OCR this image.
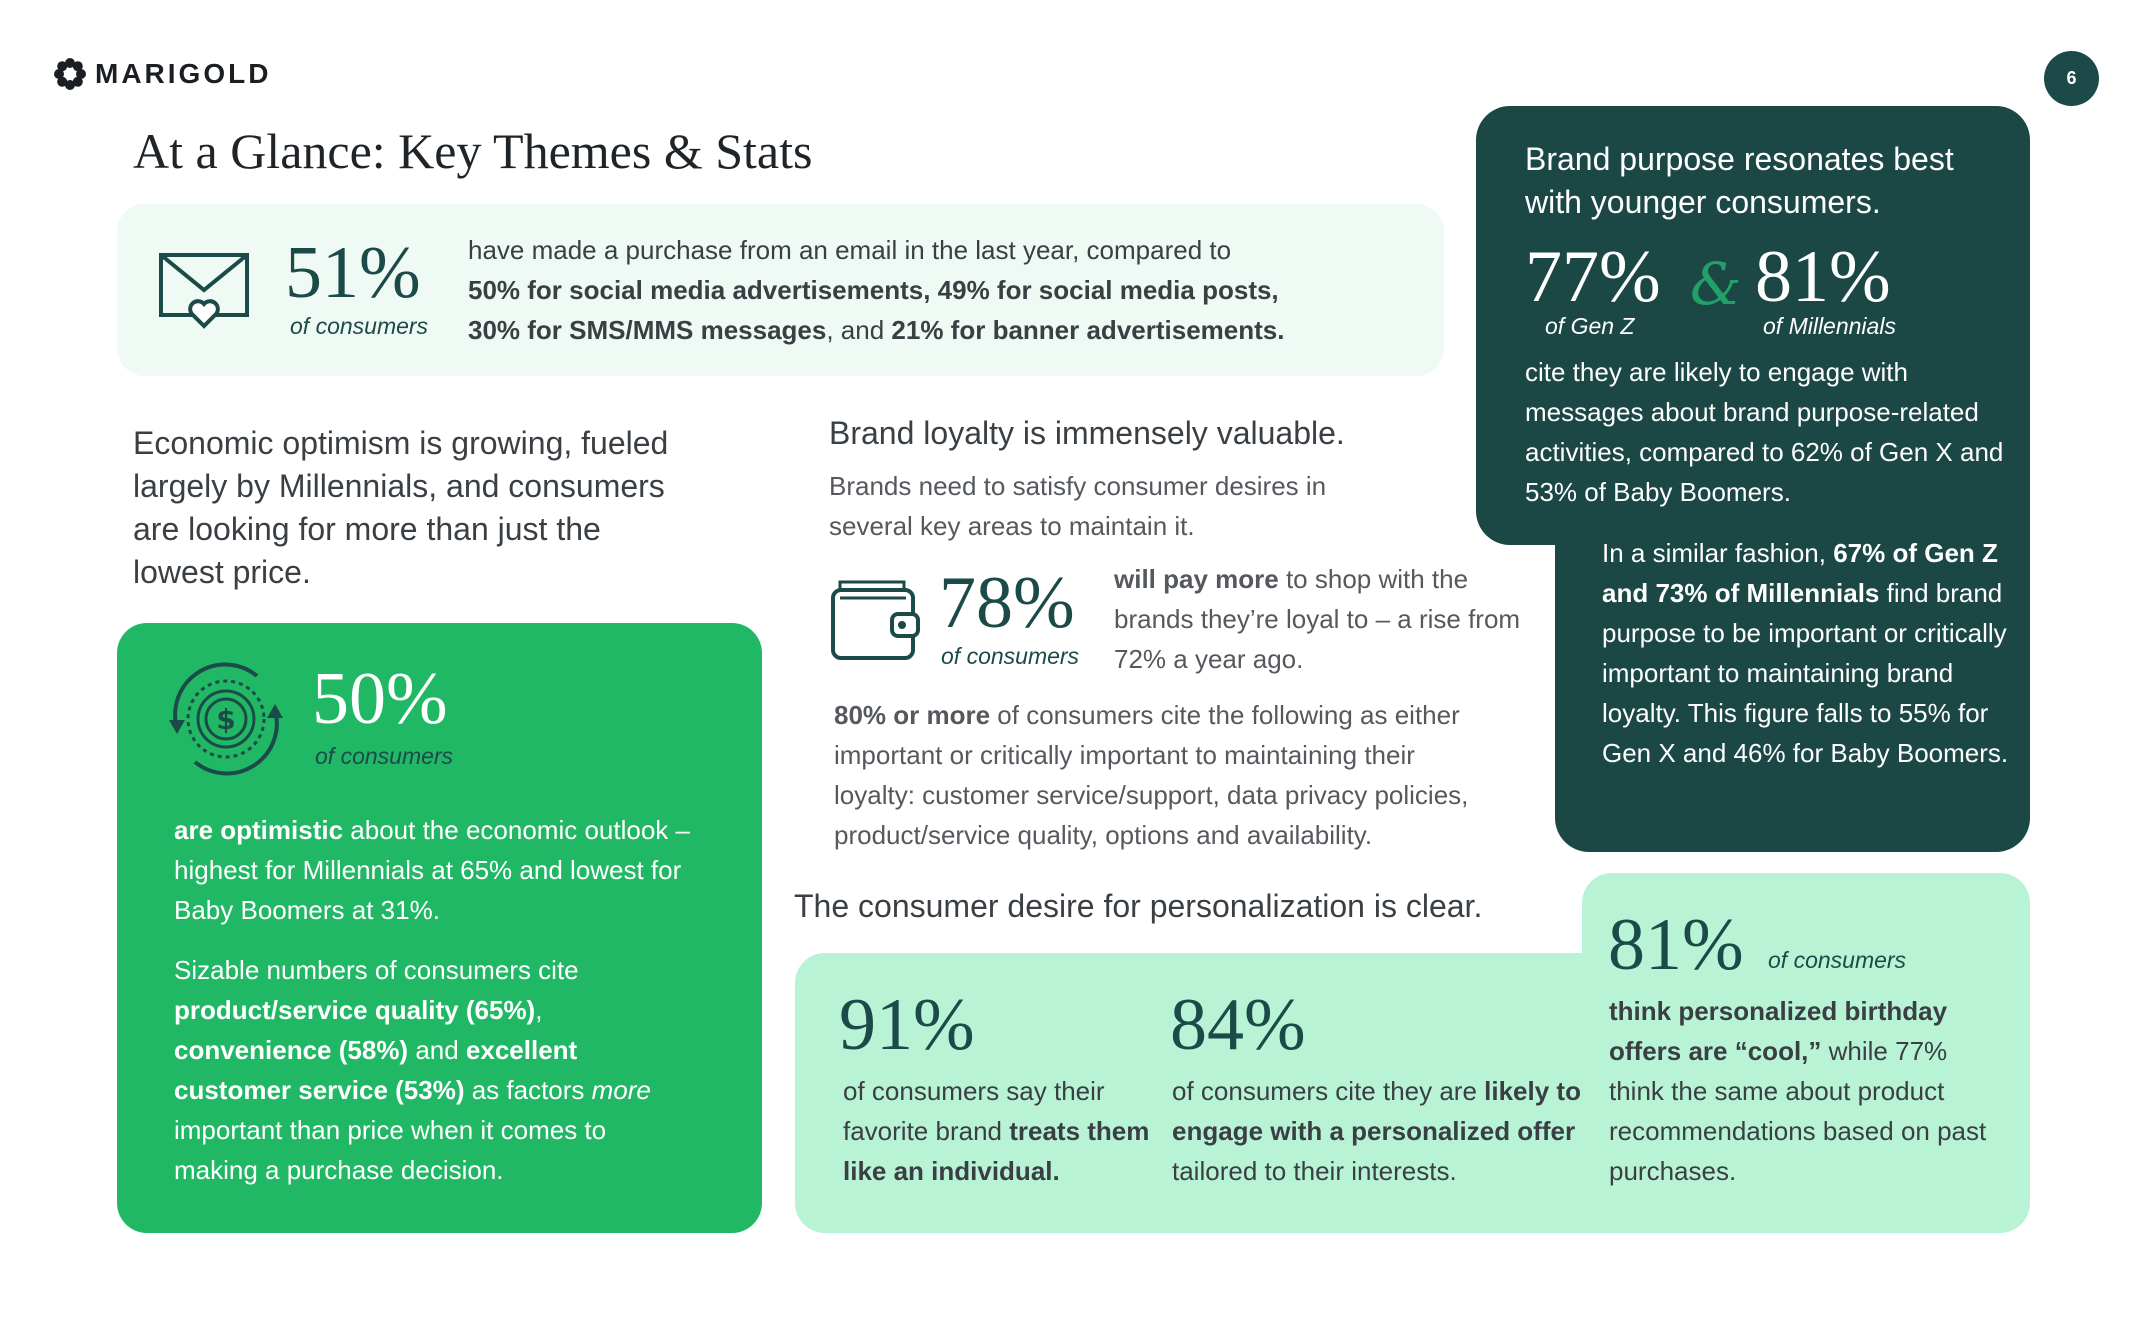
MARIGOLD	6
At a Glance: Key Themes & Stats
51%
of consumers
have made a purchase from an email in the last year, compared to
50% for social media advertisements, 49% for social media posts,
30% for SMS/MMS messages, and 21% for banner advertisements.
Economic optimism is growing, fueled largely by Millennials, and consumers are looking for more than just the lowest price.
$ 50%
of consumers
are optimistic about the economic outlook – highest for Millennials at 65% and lowest for Baby Boomers at 31%.
Sizable numbers of consumers cite product/service quality (65%), convenience (58%) and excellent customer service (53%) as factors more important than price when it comes to making a purchase decision.
Brand loyalty is immensely valuable.
Brands need to satisfy consumer desires in several key areas to maintain it.
78%
of consumers
will pay more to shop with the brands they’re loyal to – a rise from 72% a year ago.
80% or more of consumers cite the following as either important or critically important to maintaining their loyalty: customer service/support, data privacy policies, product/service quality, options and availability.
Brand purpose resonates best with younger consumers.
77%
of Gen Z
& 81%
of Millennials
cite they are likely to engage with messages about brand purpose-related activities, compared to 62% of Gen X and 53% of Baby Boomers.
In a similar fashion, 67% of Gen Z and 73% of Millennials find brand purpose to be important or critically important to maintaining brand loyalty. This figure falls to 55% for Gen X and 46% for Baby Boomers.
The consumer desire for personalization is clear.
91%
of consumers say their favorite brand treats them like an individual.
84%
of consumers cite they are likely to engage with a personalized offer tailored to their interests.
81% of consumers
think personalized birthday offers are “cool,” while 77% think the same about product recommendations based on past purchases.
